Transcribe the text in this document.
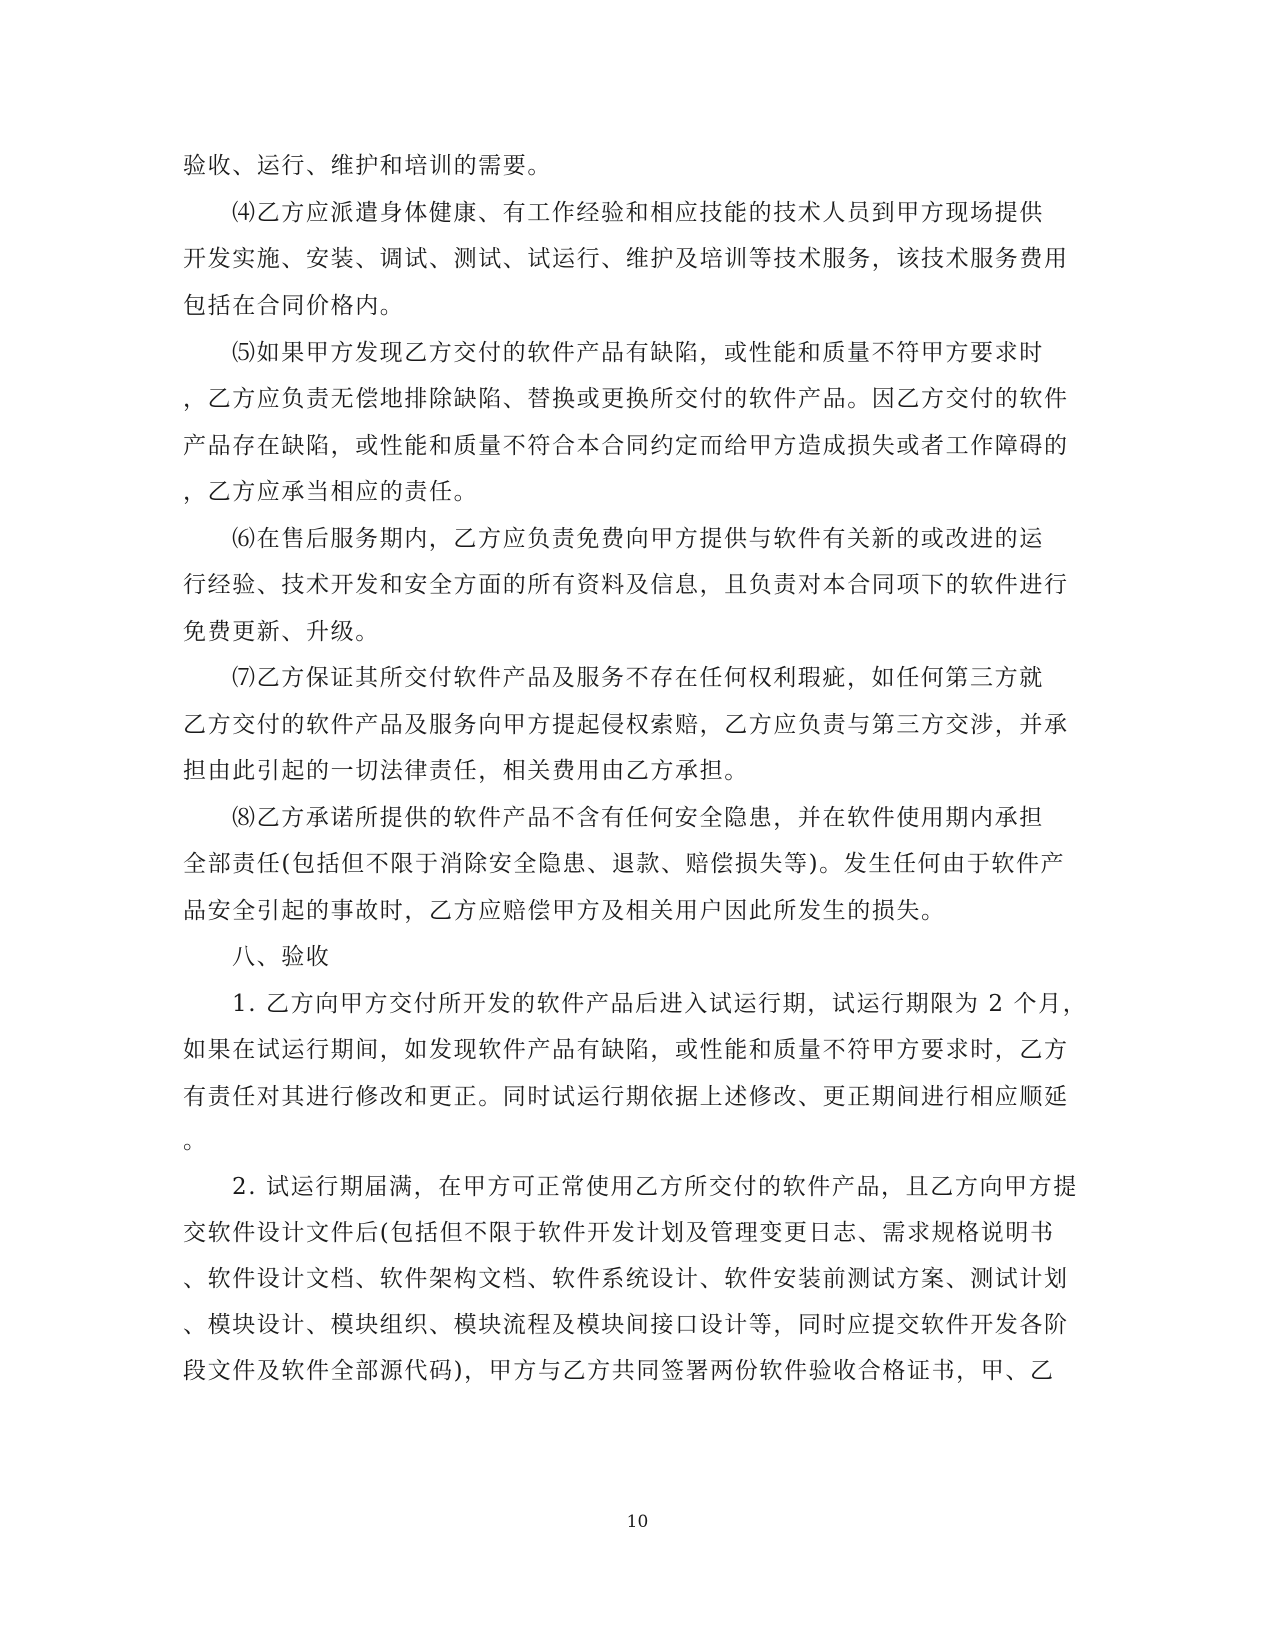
验收、运行、维护和培训的需要。
⑷乙方应派遣身体健康、有工作经验和相应技能的技术人员到甲方现场提供
开发实施、安装、调试、测试、试运行、维护及培训等技术服务，该技术服务费用
包括在合同价格内。
⑸如果甲方发现乙方交付的软件产品有缺陷，或性能和质量不符甲方要求时
，乙方应负责无偿地排除缺陷、替换或更换所交付的软件产品。因乙方交付的软件
产品存在缺陷，或性能和质量不符合本合同约定而给甲方造成损失或者工作障碍的
，乙方应承当相应的责任。
⑹在售后服务期内，乙方应负责免费向甲方提供与软件有关新的或改进的运
行经验、技术开发和安全方面的所有资料及信息，且负责对本合同项下的软件进行
免费更新、升级。
⑺乙方保证其所交付软件产品及服务不存在任何权利瑕疵，如任何第三方就
乙方交付的软件产品及服务向甲方提起侵权索赔，乙方应负责与第三方交涉，并承
担由此引起的一切法律责任，相关费用由乙方承担。
⑻乙方承诺所提供的软件产品不含有任何安全隐患，并在软件使用期内承担
全部责任(包括但不限于消除安全隐患、退款、赔偿损失等)。发生任何由于软件产
品安全引起的事故时，乙方应赔偿甲方及相关用户因此所发生的损失。
八、验收
1. 乙方向甲方交付所开发的软件产品后进入试运行期，试运行期限为 2 个月，
如果在试运行期间，如发现软件产品有缺陷，或性能和质量不符甲方要求时，乙方
有责任对其进行修改和更正。同时试运行期依据上述修改、更正期间进行相应顺延
。
2. 试运行期届满，在甲方可正常使用乙方所交付的软件产品，且乙方向甲方提
交软件设计文件后(包括但不限于软件开发计划及管理变更日志、需求规格说明书
、软件设计文档、软件架构文档、软件系统设计、软件安装前测试方案、测试计划
、模块设计、模块组织、模块流程及模块间接口设计等，同时应提交软件开发各阶
段文件及软件全部源代码)，甲方与乙方共同签署两份软件验收合格证书，甲、乙
10
